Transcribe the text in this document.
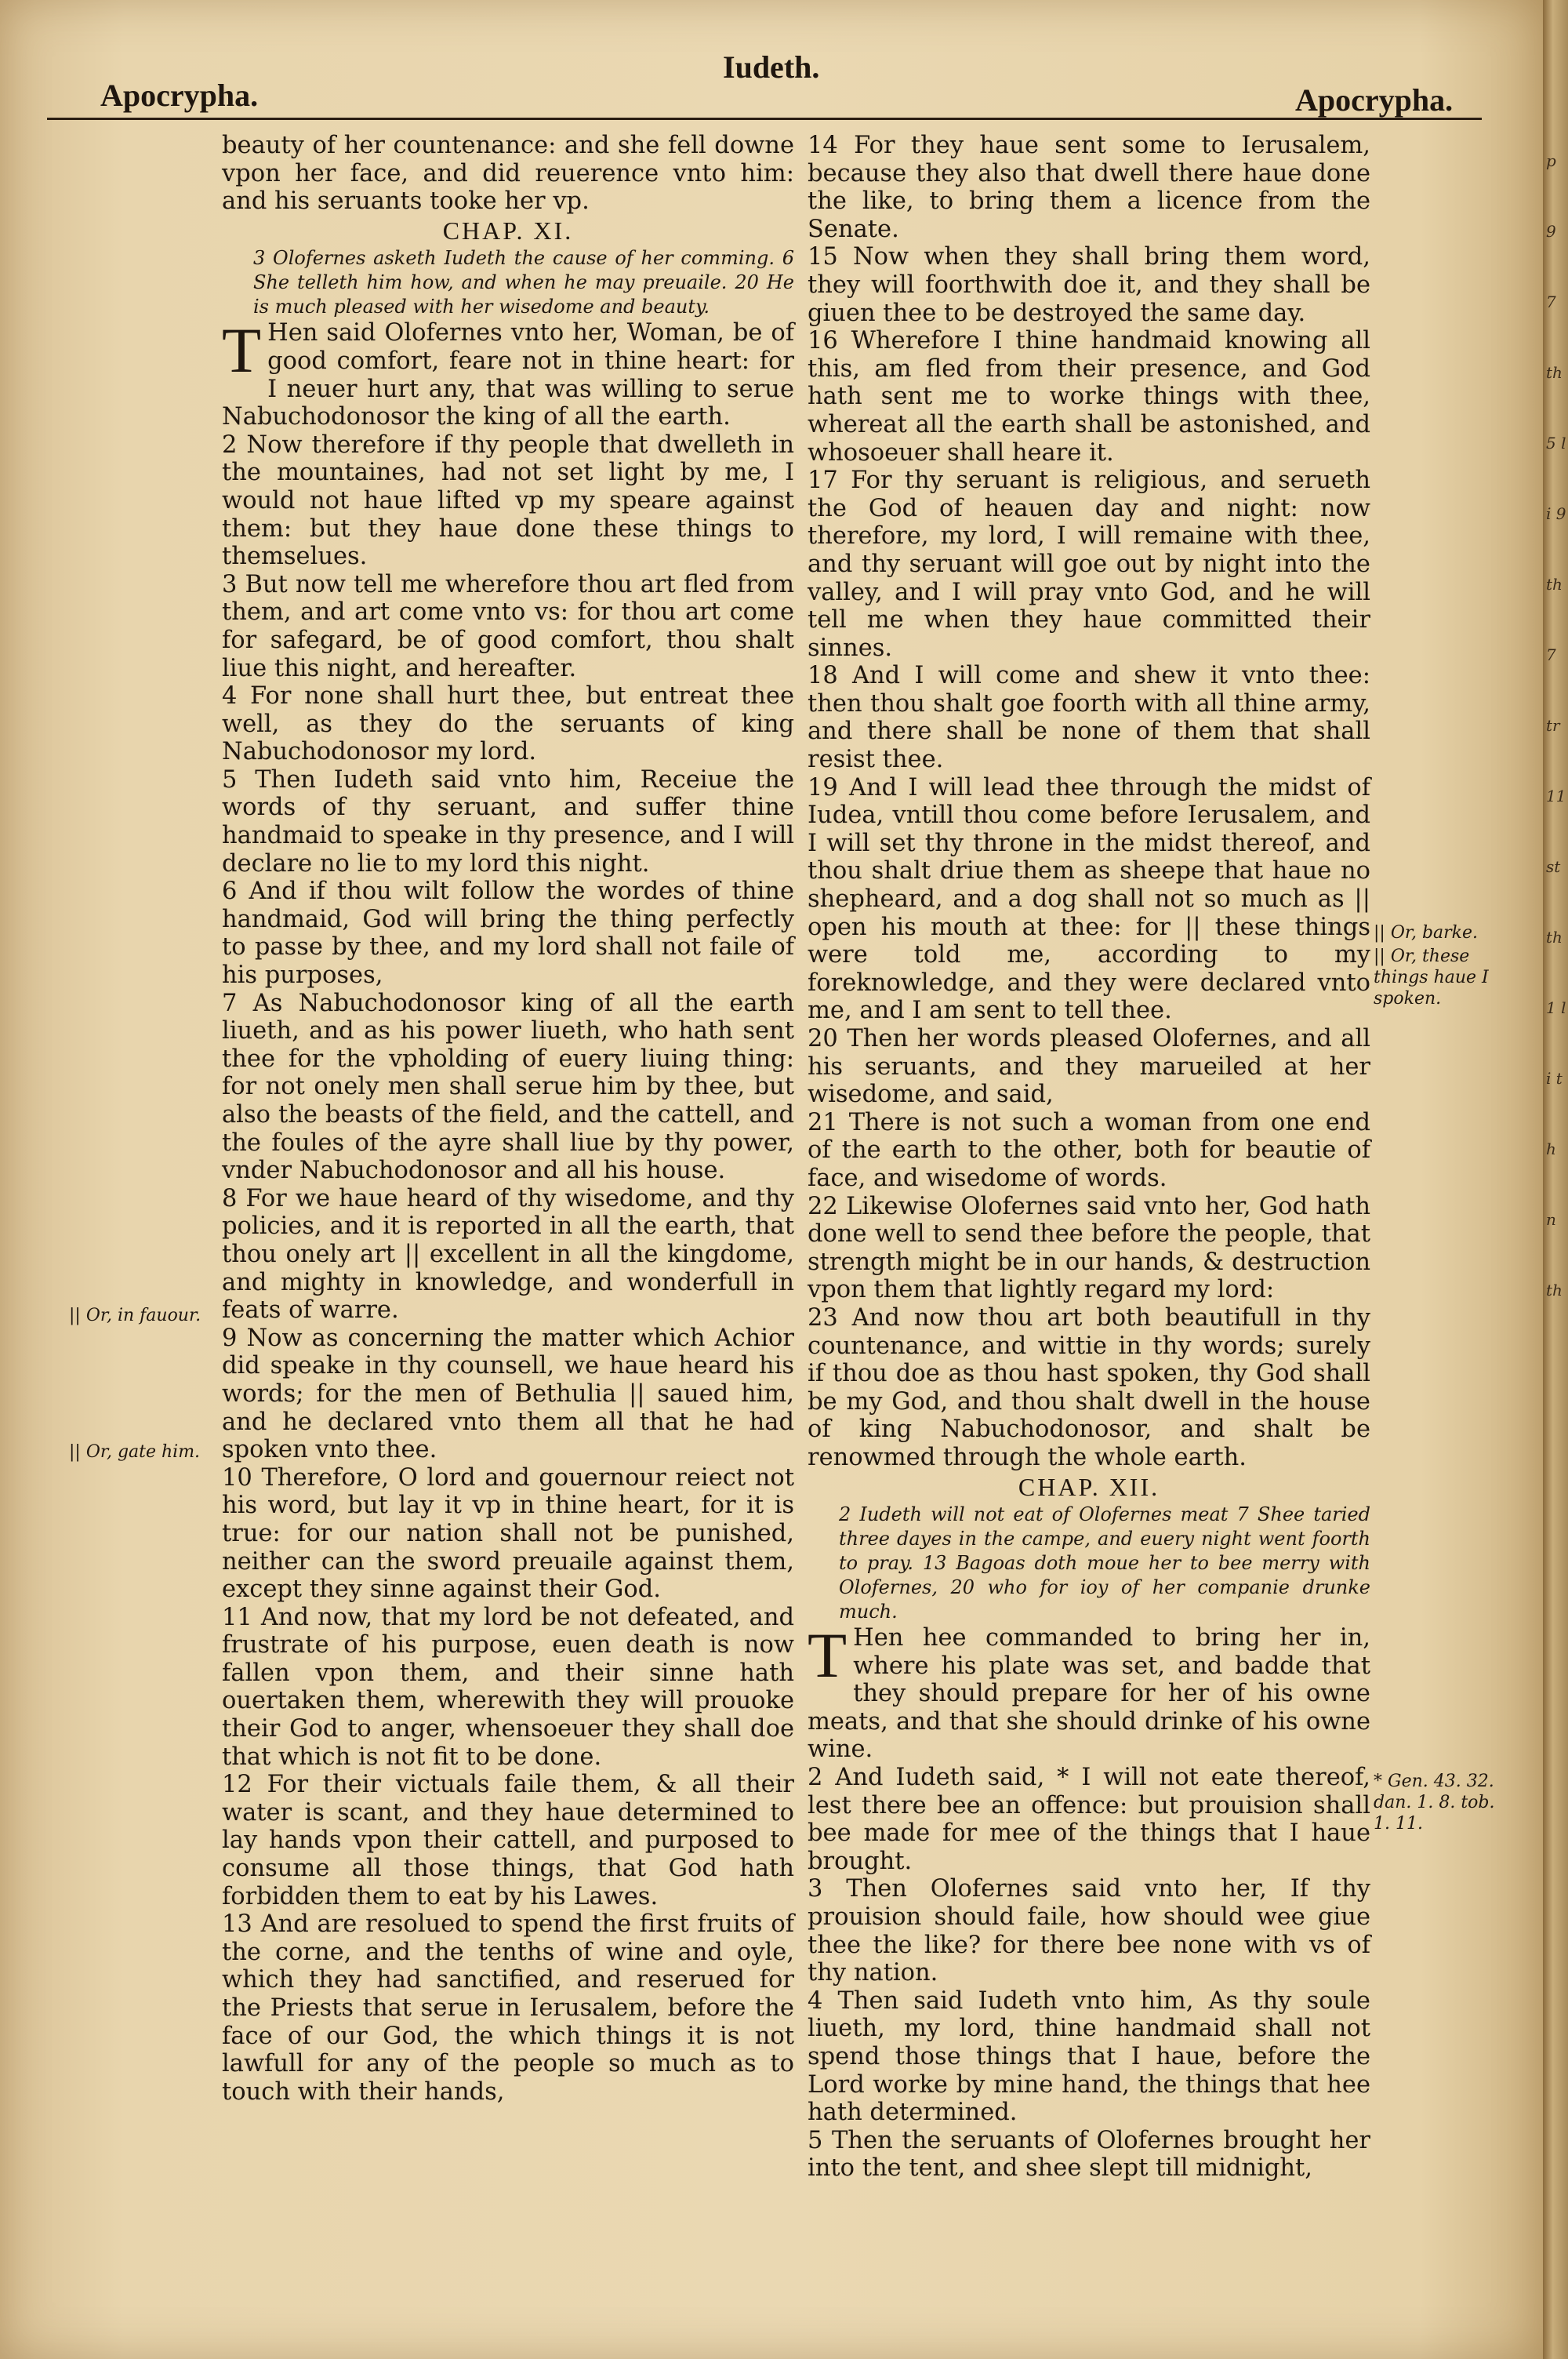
Apocrypha.
Iudeth.
Apocrypha.

beauty of her countenance: and she fell downe vpon her face, and did reuerence vnto him: and his seruants tooke her vp.

CHAP. XI.

3 Olofernes asketh Iudeth the cause of her comming. 6 She telleth him how, and when he may preuaile. 20 He is much pleased with her wisedome and beauty.

T Hen said Olofernes vnto her, Woman, be of good comfort, feare not in thine heart: for I neuer hurt any, that was willing to serue Nabuchodonosor the king of all the earth.

2 Now therefore if thy people that dwelleth in the mountaines, had not set light by me, I would not haue lifted vp my speare against them: but they haue done these things to themselues.

3 But now tell me wherefore thou art fled from them, and art come vnto vs: for thou art come for safegard, be of good comfort, thou shalt liue this night, and hereafter.

4 For none shall hurt thee, but entreat thee well, as they do the seruants of king Nabuchodonosor my lord.

5 Then Iudeth said vnto him, Receiue the words of thy seruant, and suffer thine handmaid to speake in thy presence, and I will declare no lie to my lord this night.

6 And if thou wilt follow the wordes of thine handmaid, God will bring the thing perfectly to passe by thee, and my lord shall not faile of his purposes,

7 As Nabuchodonosor king of all the earth liueth, and as his power liueth, who hath sent thee for the vpholding of euery liuing thing: for not onely men shall serue him by thee, but also the beasts of the field, and the cattell, and the foules of the ayre shall liue by thy power, vnder Nabuchodonosor and all his house.

8 For we haue heard of thy wisedome, and thy policies, and it is reported in all the earth, that thou onely art || excellent in all the kingdome, and mighty in knowledge, and wonderfull in feats of warre.

9 Now as concerning the matter which Achior did speake in thy counsell, we haue heard his words; for the men of Bethulia || saued him, and he declared vnto them all that he had spoken vnto thee.

10 Therefore, O lord and gouernour reiect not his word, but lay it vp in thine heart, for it is true: for our nation shall not be punished, neither can the sword preuaile against them, except they sinne against their God.

11 And now, that my lord be not defeated, and frustrate of his purpose, euen death is now fallen vpon them, and their sinne hath ouertaken them, wherewith they will prouoke their God to anger, whensoeuer they shall doe that which is not fit to be done.

12 For their victuals faile them, & all their water is scant, and they haue determined to lay hands vpon their cattell, and purposed to consume all those things, that God hath forbidden them to eat by his Lawes.

13 And are resolued to spend the first fruits of the corne, and the tenths of wine and oyle, which they had sanctified, and reserued for the Priests that serue in Ierusalem, before the face of our God, the which things it is not lawfull for any of the people so much as to touch with their hands,

14 For they haue sent some to Ierusalem, because they also that dwell there haue done the like, to bring them a licence from the Senate.

15 Now when they shall bring them word, they will foorthwith doe it, and they shall be giuen thee to be destroyed the same day.

16 Wherefore I thine handmaid knowing all this, am fled from their presence, and God hath sent me to worke things with thee, whereat all the earth shall be astonished, and whosoeuer shall heare it.

17 For thy seruant is religious, and serueth the God of heauen day and night: now therefore, my lord, I will remaine with thee, and thy seruant will goe out by night into the valley, and I will pray vnto God, and he will tell me when they haue committed their sinnes.

18 And I will come and shew it vnto thee: then thou shalt goe foorth with all thine army, and there shall be none of them that shall resist thee.

19 And I will lead thee through the midst of Iudea, vntill thou come before Ierusalem, and I will set thy throne in the midst thereof, and thou shalt driue them as sheepe that haue no shepheard, and a dog shall not so much as || open his mouth at thee: for || these things were told me, according to my foreknowledge, and they were declared vnto me, and I am sent to tell thee.

20 Then her words pleased Olofernes, and all his seruants, and they marueiled at her wisedome, and said,

21 There is not such a woman from one end of the earth to the other, both for beautie of face, and wisedome of words.

22 Likewise Olofernes said vnto her, God hath done well to send thee before the people, that strength might be in our hands, & destruction vpon them that lightly regard my lord:

23 And now thou art both beautifull in thy countenance, and wittie in thy words; surely if thou doe as thou hast spoken, thy God shall be my God, and thou shalt dwell in the house of king Nabuchodonosor, and shalt be renowmed through the whole earth.

CHAP. XII.

2 Iudeth will not eat of Olofernes meat 7 Shee taried three dayes in the campe, and euery night went foorth to pray. 13 Bagoas doth moue her to bee merry with Olofernes, 20 who for ioy of her companie drunke much.

T Hen hee commanded to bring her in, where his plate was set, and badde that they should prepare for her of his owne meats, and that she should drinke of his owne wine.

2 And Iudeth said, * I will not eate thereof, lest there bee an offence: but prouision shall bee made for mee of the things that I haue brought.

3 Then Olofernes said vnto her, If thy prouision should faile, how should wee giue thee the like? for there bee none with vs of thy nation.

4 Then said Iudeth vnto him, As thy soule liueth, my lord, thine handmaid shall not spend those things that I haue, before the Lord worke by mine hand, the things that hee hath determined.

5 Then the seruants of Olofernes brought her into the tent, and shee slept till midnight,

|| Or, in fauour.
|| Or, gate him.
|| Or, barke.
|| Or, these things haue I spoken.
* Gen. 43. 32. dan. 1. 8. tob. 1. 11.
p 9 7 th 5 li 9 th 7 tr 11 st th 1 li th n th
